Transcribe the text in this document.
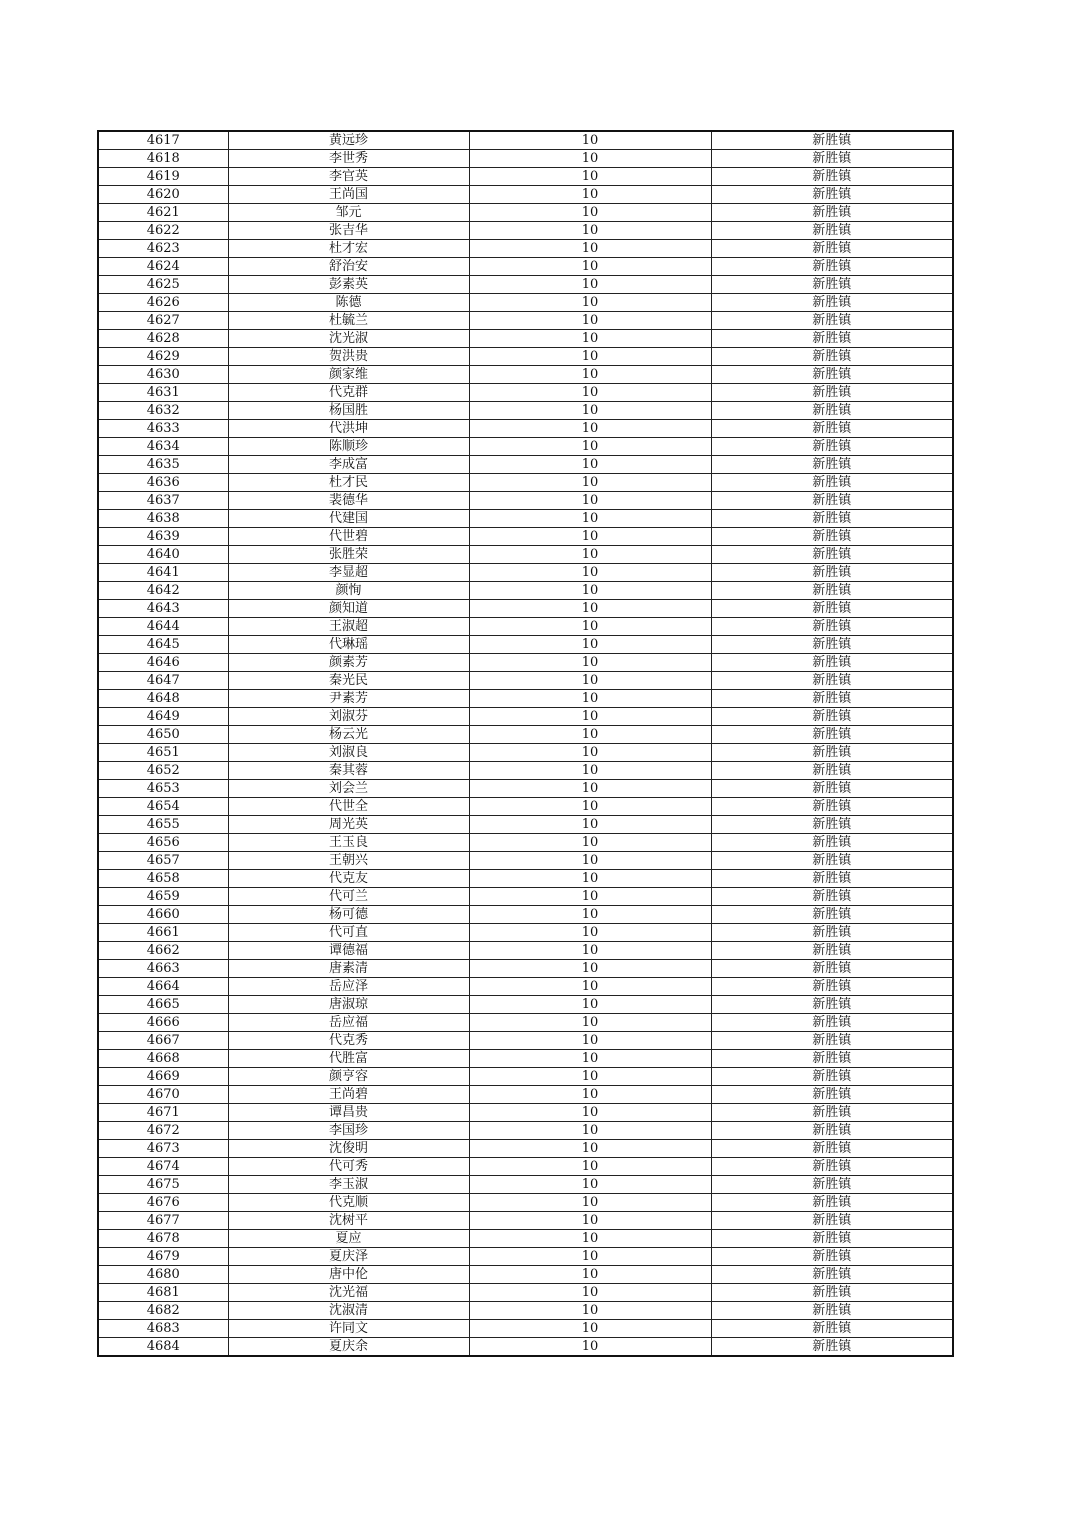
4617	黄远珍	10	新胜镇
4618	李世秀	10	新胜镇
4619	李官英	10	新胜镇
4620	王尚国	10	新胜镇
4621	邹元	10	新胜镇
4622	张吉华	10	新胜镇
4623	杜才宏	10	新胜镇
4624	舒治安	10	新胜镇
4625	彭素英	10	新胜镇
4626	陈德	10	新胜镇
4627	杜毓兰	10	新胜镇
4628	沈光淑	10	新胜镇
4629	贺洪贵	10	新胜镇
4630	颜家维	10	新胜镇
4631	代克群	10	新胜镇
4632	杨国胜	10	新胜镇
4633	代洪坤	10	新胜镇
4634	陈顺珍	10	新胜镇
4635	李成富	10	新胜镇
4636	杜才民	10	新胜镇
4637	裴德华	10	新胜镇
4638	代建国	10	新胜镇
4639	代世碧	10	新胜镇
4640	张胜荣	10	新胜镇
4641	李显超	10	新胜镇
4642	颜恂	10	新胜镇
4643	颜知道	10	新胜镇
4644	王淑超	10	新胜镇
4645	代琳瑶	10	新胜镇
4646	颜素芳	10	新胜镇
4647	秦光民	10	新胜镇
4648	尹素芳	10	新胜镇
4649	刘淑芬	10	新胜镇
4650	杨云光	10	新胜镇
4651	刘淑良	10	新胜镇
4652	秦其蓉	10	新胜镇
4653	刘会兰	10	新胜镇
4654	代世全	10	新胜镇
4655	周光英	10	新胜镇
4656	王玉良	10	新胜镇
4657	王朝兴	10	新胜镇
4658	代克友	10	新胜镇
4659	代可兰	10	新胜镇
4660	杨可德	10	新胜镇
4661	代可直	10	新胜镇
4662	谭德福	10	新胜镇
4663	唐素清	10	新胜镇
4664	岳应泽	10	新胜镇
4665	唐淑琼	10	新胜镇
4666	岳应福	10	新胜镇
4667	代克秀	10	新胜镇
4668	代胜富	10	新胜镇
4669	颜亨容	10	新胜镇
4670	王尚碧	10	新胜镇
4671	谭昌贵	10	新胜镇
4672	李国珍	10	新胜镇
4673	沈俊明	10	新胜镇
4674	代可秀	10	新胜镇
4675	李玉淑	10	新胜镇
4676	代克顺	10	新胜镇
4677	沈树平	10	新胜镇
4678	夏应	10	新胜镇
4679	夏庆泽	10	新胜镇
4680	唐中伦	10	新胜镇
4681	沈光福	10	新胜镇
4682	沈淑清	10	新胜镇
4683	许同文	10	新胜镇
4684	夏庆余	10	新胜镇
